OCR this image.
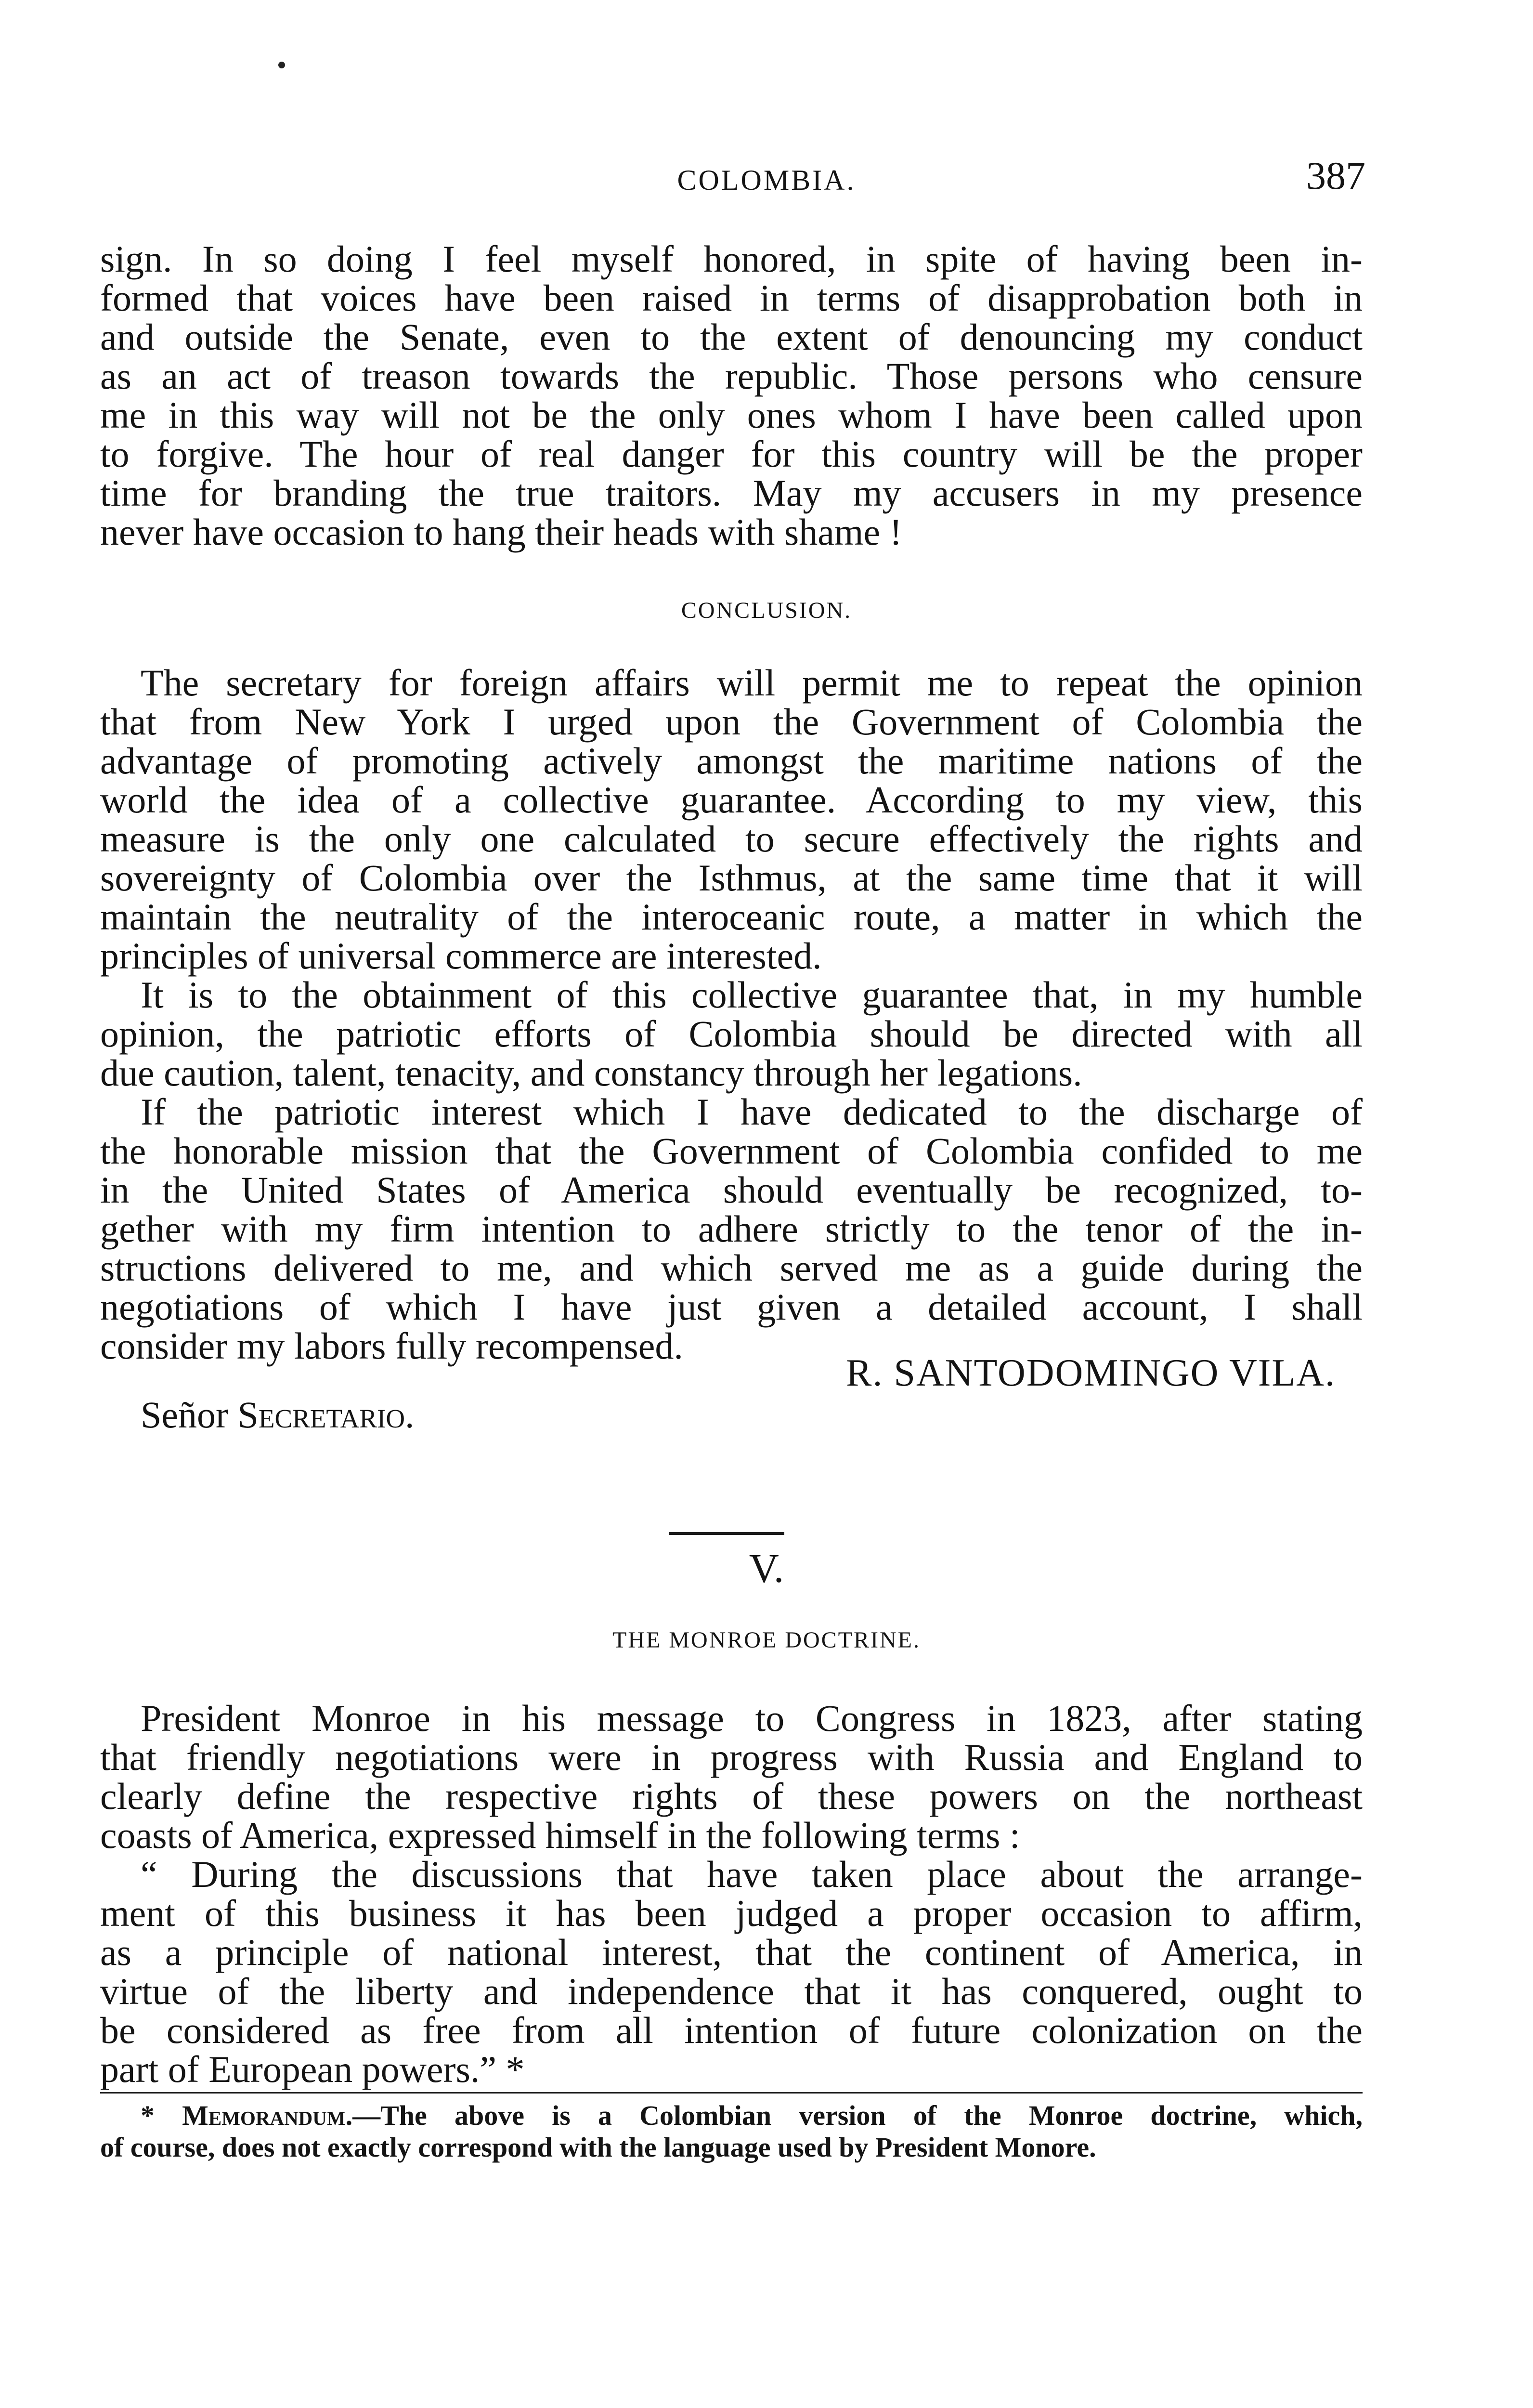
COLOMBIA.	387
sign. In so doing I feel myself honored, in spite of having been in-
formed that voices have been raised in terms of disapprobation both in
and outside the Senate, even to the extent of denouncing my conduct
as an act of treason towards the republic. Those persons who censure
me in this way will not be the only ones whom I have been called upon
to forgive. The hour of real danger for this country will be the proper
time for branding the true traitors. May my accusers in my presence
never have occasion to hang their heads with shame !
CONCLUSION.
The secretary for foreign affairs will permit me to repeat the opinion
that from New York I urged upon the Government of Colombia the
advantage of promoting actively amongst the maritime nations of the
world the idea of a collective guarantee. According to my view, this
measure is the only one calculated to secure effectively the rights and
sovereignty of Colombia over the Isthmus, at the same time that it will
maintain the neutrality of the interoceanic route, a matter in which the
principles of universal commerce are interested.
It is to the obtainment of this collective guarantee that, in my humble
opinion, the patriotic efforts of Colombia should be directed with all
due caution, talent, tenacity, and constancy through her legations.
If the patriotic interest which I have dedicated to the discharge of
the honorable mission that the Government of Colombia confided to me
in the United States of America should eventually be recognized, to-
gether with my firm intention to adhere strictly to the tenor of the in-
structions delivered to me, and which served me as a guide during the
negotiations of which I have just given a detailed account, I shall
consider my labors fully recompensed.
R. SANTODOMINGO VILA.
Señor Secretario.
V.
THE MONROE DOCTRINE.
President Monroe in his message to Congress in 1823, after stating
that friendly negotiations were in progress with Russia and England to
clearly define the respective rights of these powers on the northeast
coasts of America, expressed himself in the following terms :
“ During the discussions that have taken place about the arrange-
ment of this business it has been judged a proper occasion to affirm,
as a principle of national interest, that the continent of America, in
virtue of the liberty and independence that it has conquered, ought to
be considered as free from all intention of future colonization on the
part of European powers.” *
* Memorandum.—The above is a Colombian version of the Monroe doctrine, which,
of course, does not exactly correspond with the language used by President Monore.
